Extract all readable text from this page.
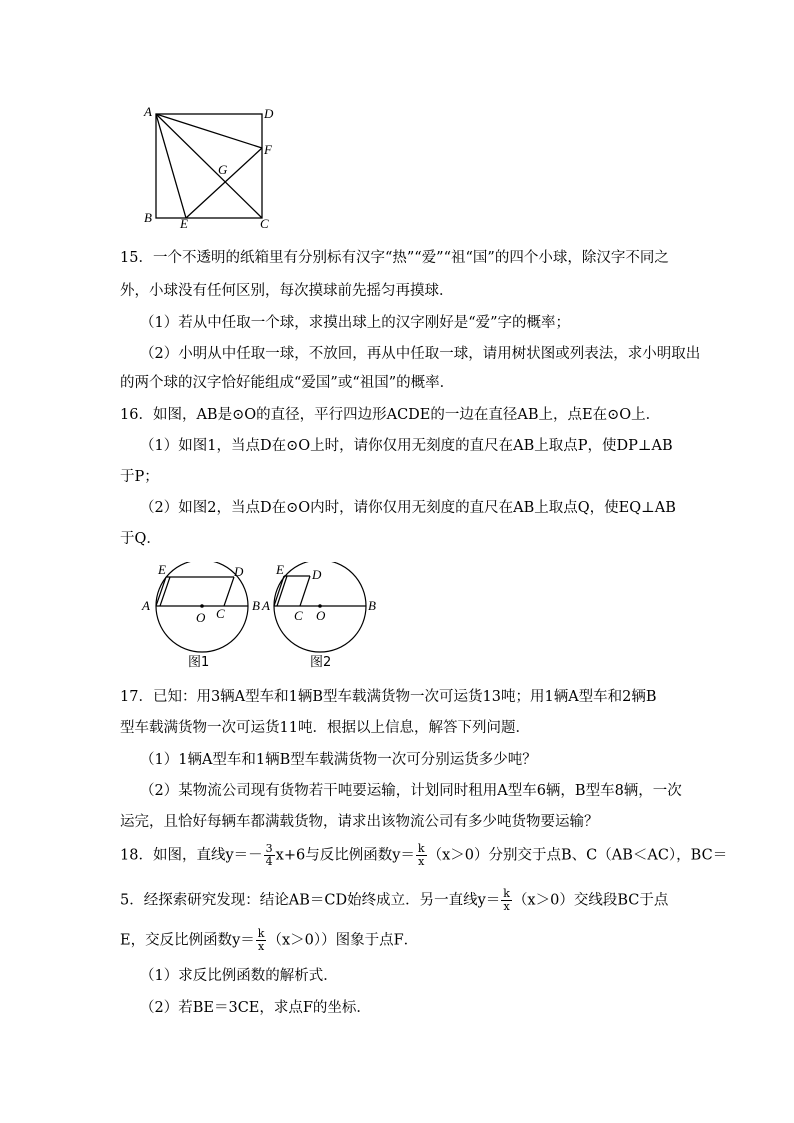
A	D
F
G
B E	C
15．一个不透明的纸箱里有分别标有汉字“热”“爱”“祖“国”的四个小球，除汉字不同之
外，小球没有任何区别，每次摸球前先摇匀再摸球．
（1）若从中任取一个球，求摸出球上的汉字刚好是“爱”字的概率；
（2）小明从中任取一球，不放回，再从中任取一球，请用树状图或列表法，求小明取出
的两个球的汉字恰好能组成“爱国”或“祖国”的概率．
16．如图，AB是⊙O的直径，平行四边形ACDE的一边在直径AB上，点E在⊙O上．
（1）如图1，当点D在⊙O上时，请你仅用无刻度的直尺在AB上取点P，使DP⊥AB
于P；
（2）如图2，当点D在⊙O内时，请你仅用无刻度的直尺在AB上取点Q，使EQ⊥AB
于Q．
E	D
A	B
O C
E D
A	B
C O
图1	图2
17．已知：用3辆A型车和1辆B型车载满货物一次可运货13吨；用1辆A型车和2辆B
型车载满货物一次可运货11吨．根据以上信息，解答下列问题．
（1）1辆A型车和1辆B型车载满货物一次可分别运货多少吨？
（2）某物流公司现有货物若干吨要运输，计划同时租用A型车6辆，B型车8辆，一次
运完，且恰好每辆车都满载货物，请求出该物流公司有多少吨货物要运输？
18．如图，直线$y=- \frac{3}{4} x+6$与反比例函数$y= \frac{k}{x} (x>0)$分别交于点B、C（AB＜AC），BC＝
5．经探索研究发现：结论AB＝CD始终成立．另一直线$y= \frac{k}{x} (x>0)$交线段BC于点
E，交反比例函数$y= \frac{k}{x} (x>0)$）图象于点F．
（1）求反比例函数的解析式．
（2）若BE＝3CE，求点F的坐标．
